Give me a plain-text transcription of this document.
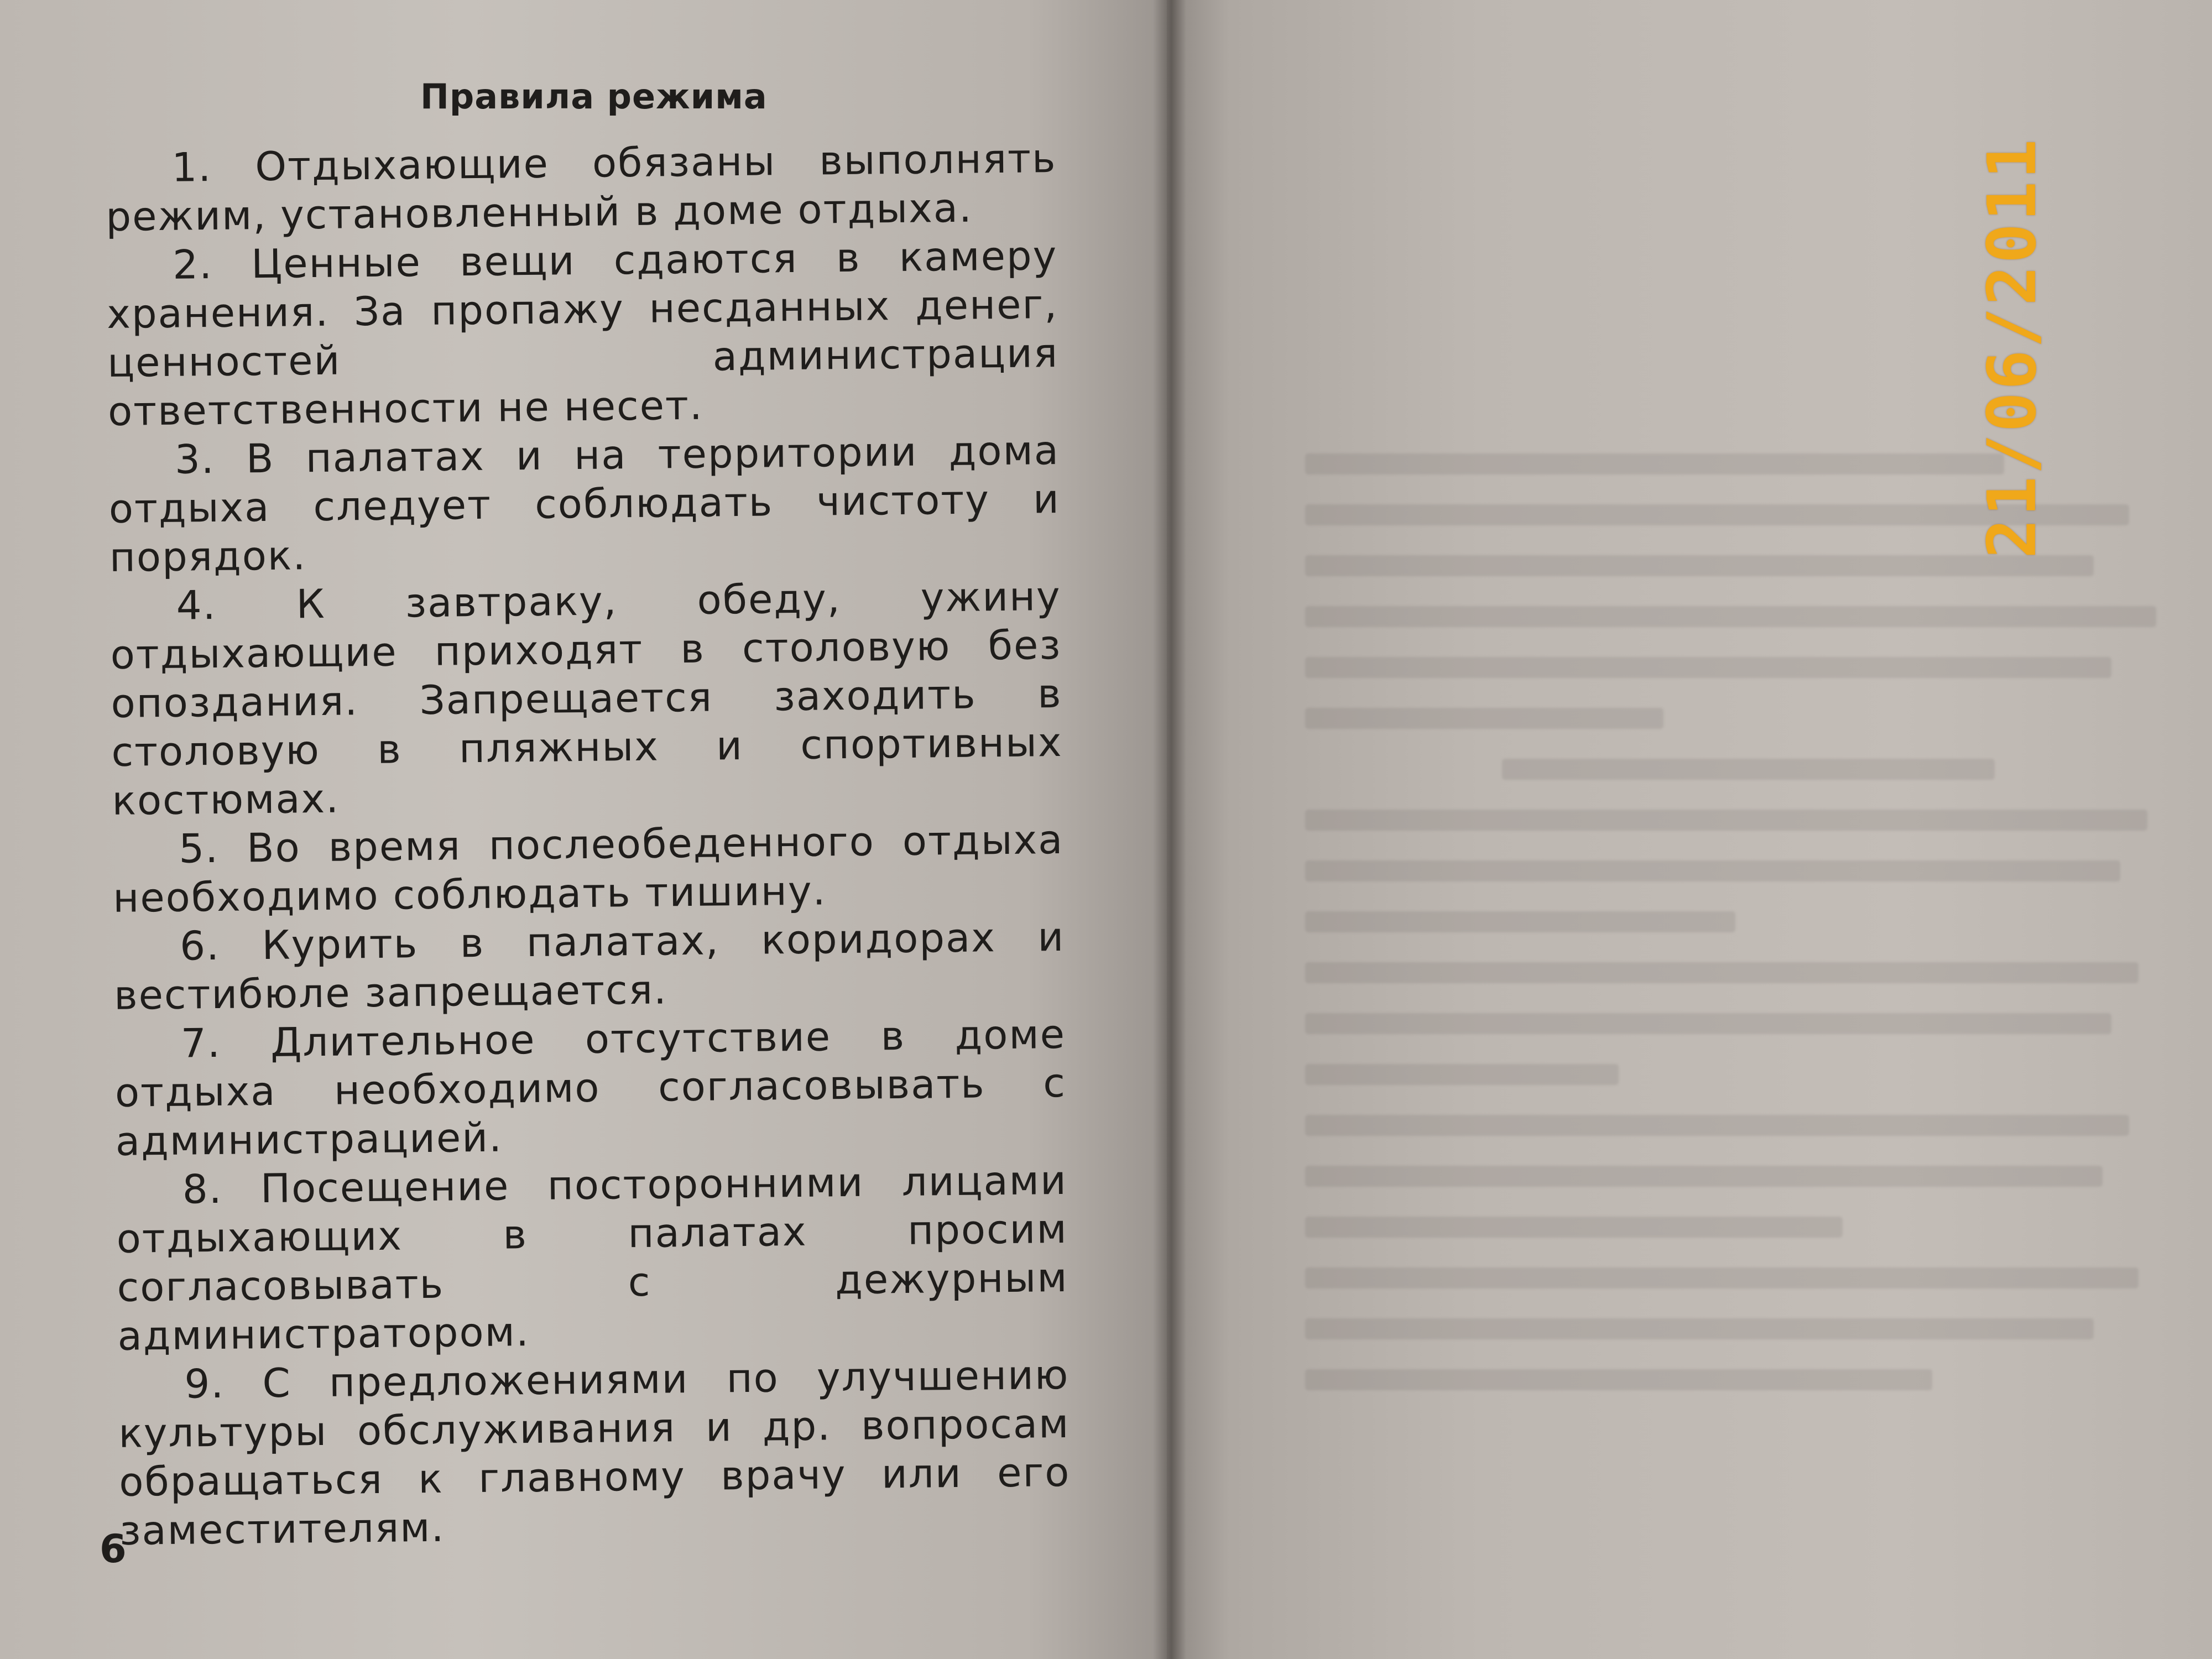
Правила режима

1. Отдыхающие обязаны выполнять режим, установленный в доме отдыха.

2. Ценные вещи сдаются в камеру хранения. За пропажу несданных денег, ценностей администрация ответственности не несет.

3. В палатах и на территории дома отдыха следует соблюдать чистоту и порядок.

4. К завтраку, обеду, ужину отдыхающие приходят в столовую без опоздания. Запрещается заходить в столовую в пляжных и спортивных костюмах.

5. Во время послеобеденного отдыха необходимо соблюдать тишину.

6. Курить в палатах, коридорах и вестибюле запрещается.

7. Длительное отсутствие в доме отдыха необходимо согласовывать с администрацией.

8. Посещение посторонними лицами отдыхающих в палатах просим согласовывать с дежурным администратором.

9. С предложениями по улучшению культуры обслуживания и др. вопросам обращаться к главному врачу или его заместителям.

6

21/06/2011
